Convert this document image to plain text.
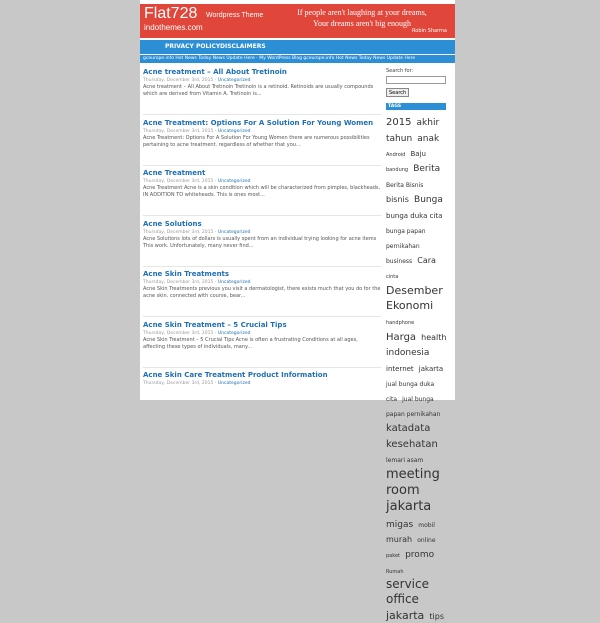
Flat728	Wordpress Theme
indothemes.com
If people aren't laughing at your dreams,
Your dreams aren't big enough
Robin Sharma
PRIVACY POLICY DISCLAIMERS
gceurope.info Hot News Today News Update Here - My WordPress Blog gceurope.info Hot News Today News Update Here
Acne treatment – All About Tretinoin
Thursday, December 3rd, 2015 - Uncategorized
Acne treatment – All About Tretinoin Tretinoin is a retinoid. Retinoids are usually compounds which are derived from Vitamin A. Tretinoin is...
Acne Treatment: Options For A Solution For Young Women
Thursday, December 3rd, 2015 - Uncategorized
Acne Treatment: Options For A Solution For Young Women there are numerous possibilities pertaining to acne treatment. regardless of whether that you...
Acne Treatment
Thursday, December 3rd, 2015 - Uncategorized
Acne Treatment Acne is a skin condition which will be characterized from pimples, blackheads, IN ADDITION TO whiteheads. This is ones most...
Acne Solutions
Thursday, December 3rd, 2015 - Uncategorized
Acne Solutions lots of dollars is usually spent from an individual trying looking for acne items This work. Unfortunately, many never find...
Acne Skin Treatments
Thursday, December 3rd, 2015 - Uncategorized
Acne Skin Treatments previous you visit a dermatologist, there exists much that you do for the acne skin. connected with course, bear...
Acne Skin Treatment – 5 Crucial Tips
Thursday, December 3rd, 2015 - Uncategorized
Acne Skin Treatment – 5 Crucial Tips Acne is often a frustrating Conditions at all ages, affecting these types of individuals, many...
Acne Skin Care Treatment Product Information
Thursday, December 3rd, 2015 - Uncategorized
Search for:
Search
TAGS
2015 akhir tahun anak Android Baju bandung Berita Berita Bisnis bisnis Bunga bunga duka cita bunga papan pernikahan business Cara cinta Desember Ekonomi handphone Harga health indonesia internet jakarta jual bunga duka cita jual bunga papan pernikahan katadata kesehatan lemari asam meeting room jakarta migas mobil murah online paket promo Rumah service office jakarta tips
